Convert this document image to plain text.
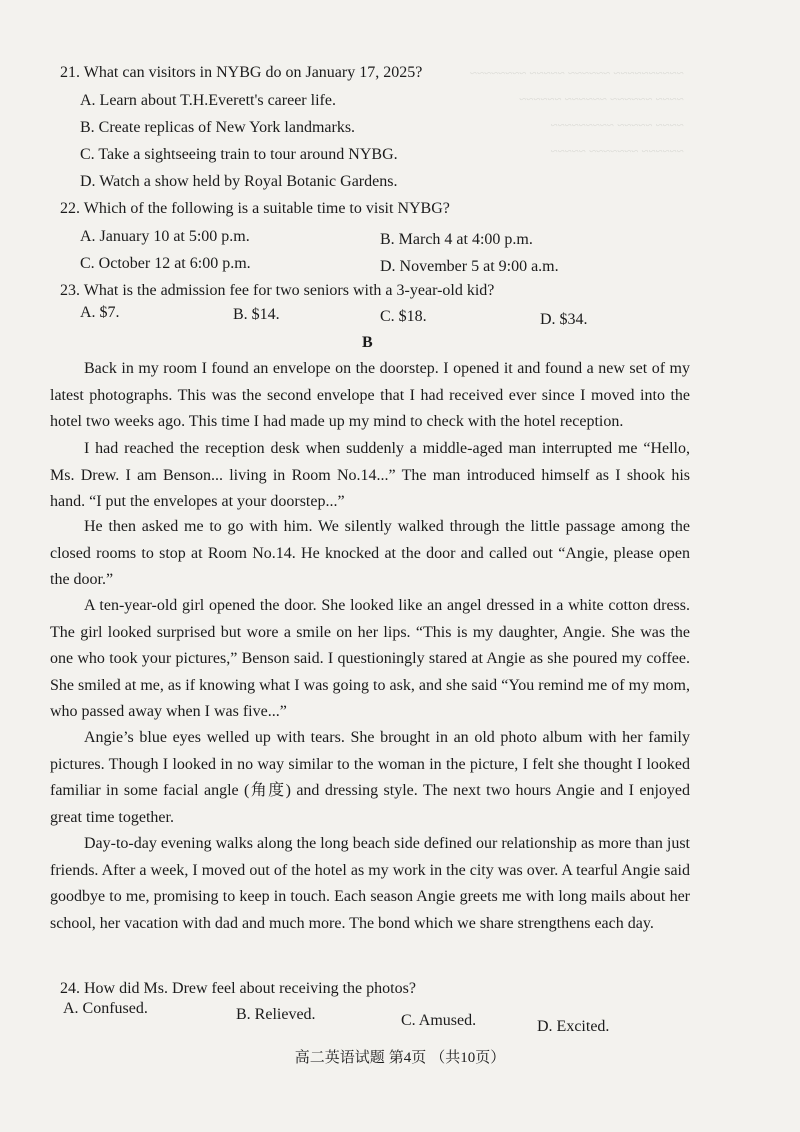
~~~~~~~~~~ ~~~~~~ ~~~~~ ~~~~~~~~
~~~~ ~~~~~~ ~~~~~~ ~~~~~~
~~~~ ~~~~~ ~~~~~~~~~
~~~~~~ ~~~~~~~ ~~~~~
21. What can visitors in NYBG do on January 17, 2025?
A. Learn about T.H.Everett's career life.
B. Create replicas of New York landmarks.
C. Take a sightseeing train to tour around NYBG.
D. Watch a show held by Royal Botanic Gardens.
22. Which of the following is a suitable time to visit NYBG?
A. January 10 at 5:00 p.m.	B. March 4 at 4:00 p.m.
C. October 12 at 6:00 p.m.	D. November 5 at 9:00 a.m.
23. What is the admission fee for two seniors with a 3-year-old kid?
A. $7.	B. $14.	C. $18.	D. $34.
B
Back in my room I found an envelope on the doorstep. I opened it and found a new set of my latest photographs. This was the second envelope that I had received ever since I moved into the hotel two weeks ago. This time I had made up my mind to check with the hotel reception.
I had reached the reception desk when suddenly a middle-aged man interrupted me “Hello, Ms. Drew. I am Benson... living in Room No.14...” The man introduced himself as I shook his hand. “I put the envelopes at your doorstep...”
He then asked me to go with him. We silently walked through the little passage among the closed rooms to stop at Room No.14. He knocked at the door and called out “Angie, please open the door.”
A ten-year-old girl opened the door. She looked like an angel dressed in a white cotton dress. The girl looked surprised but wore a smile on her lips. “This is my daughter, Angie. She was the one who took your pictures,” Benson said. I questioningly stared at Angie as she poured my coffee. She smiled at me, as if knowing what I was going to ask, and she said “You remind me of my mom, who passed away when I was five...”
Angie’s blue eyes welled up with tears. She brought in an old photo album with her family pictures. Though I looked in no way similar to the woman in the picture, I felt she thought I looked familiar in some facial angle (角度) and dressing style. The next two hours Angie and I enjoyed great time together.
Day-to-day evening walks along the long beach side defined our relationship as more than just friends. After a week, I moved out of the hotel as my work in the city was over. A tearful Angie said goodbye to me, promising to keep in touch. Each season Angie greets me with long mails about her school, her vacation with dad and much more. The bond which we share strengthens each day.
24. How did Ms. Drew feel about receiving the photos?
A. Confused.	B. Relieved.	C. Amused.	D. Excited.
高二英语试题 第4页 （共10页）
